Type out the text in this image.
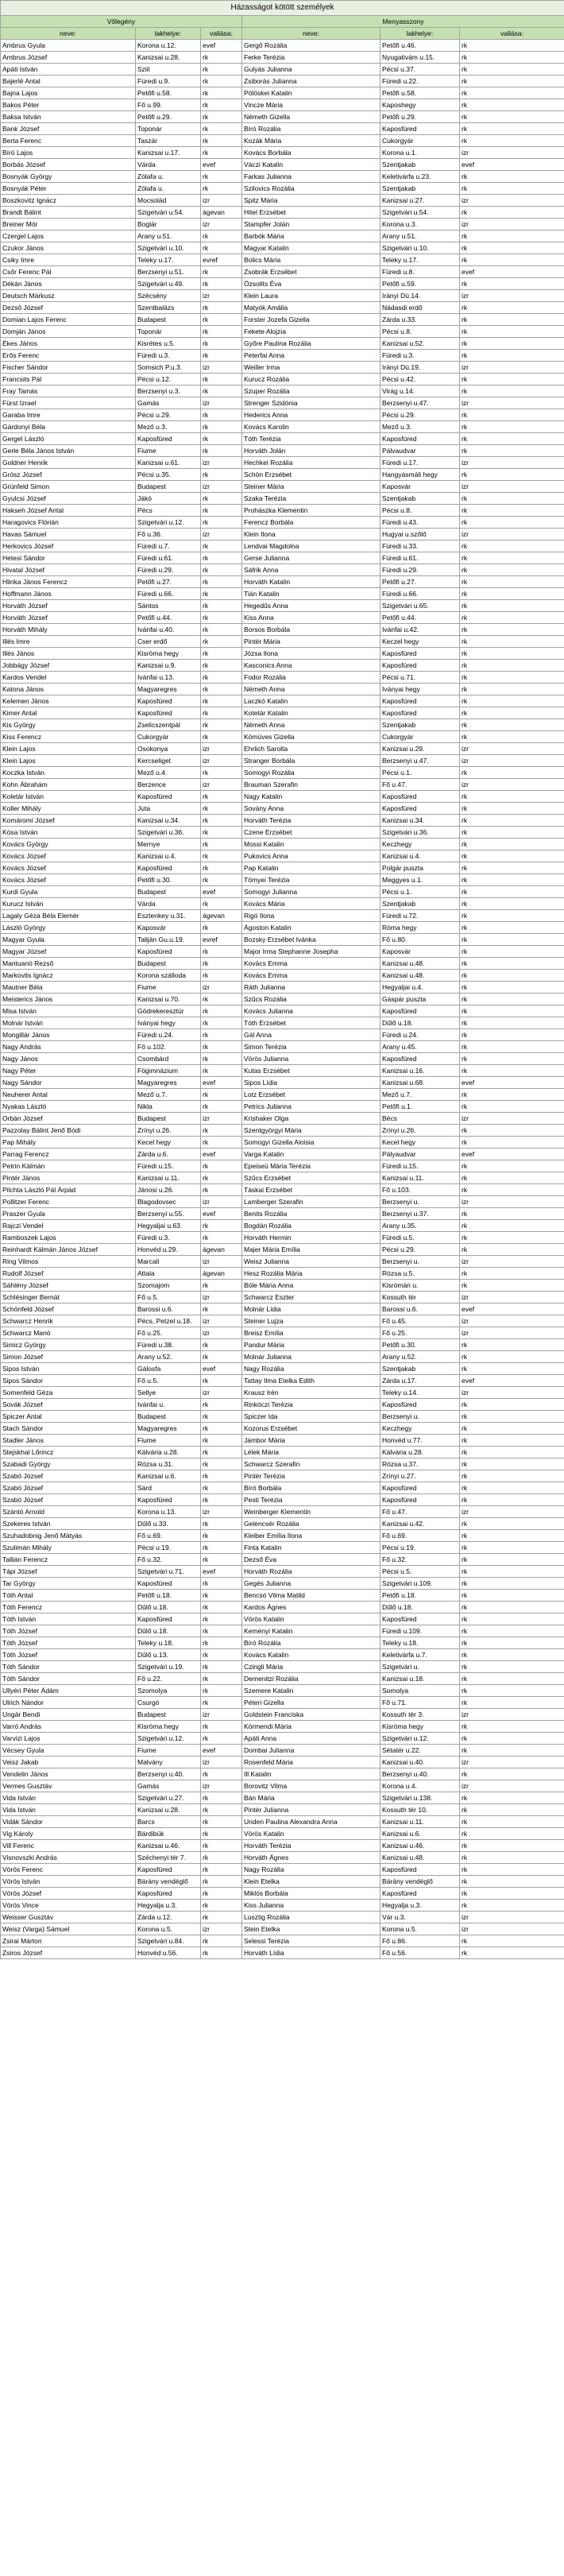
Házasságot kötött személyek					
Vőlegény			Menyasszony		
neve:	lakhelye:	vallása:	neve:	lakhelye:	vallása:
Ambrus Gyula	Korona u.12.	evef	Gergő Rozália	Petőfi u.46.	rk
Ambrus József	Kanizsai u.28.	rk	Ferke Terézia	Nyugativám u.15.	rk
Apáti István	Sziil	rk	Gulyás Julianna	Pécsi u.37.	rk
Bajerlé Antal	Füredi u.9.	rk	Zsiborás Julianna	Füredi u.22.	rk
Bajna Lajos	Petőfi u.58.	rk	Pölöskei Katalin	Petőfi u.58.	rk
Bakos Péter	Fő u.99.	rk	Vincze Mária	Kaposhegy	rk
Baksa István	Petőfi u.29.	rk	Németh Gizella	Petőfi u.29.	rk
Bank József	Toponár	rk	Bíró Rozália	Kaposfüred	rk
Berta Ferenc	Taszár	rk	Kozák Mária	Cukorgyár	rk
Bíró Lajos	Kanizsai u.17.	rk	Kovács Borbála	Korona u.1.	izr
Borbás József	Várda	evef	Váczi Katalin	Szentjakab	evef
Bosnyák György	Zólafa u.	rk	Farkas Julianna	Keletivárfa u.23.	rk
Bosnyák Péter	Zólafa u.	rk	Szilovics Rozália	Szentjakab	rk
Boszkovitz Ignácz	Mocsolád	izr	Spitz Mária	Kanizsai u.27.	izr
Brandt Bálint	Szigetvári u.54.	ágevan	Hitel Erzsébet	Szigetvári u.54.	rk
Breiner Mór	Boglár	izr	Stampfer Jolán	Korona u.3.	izr
Czergel Lajos	Arany u.51.	rk	Barbók Mária	Arany u.51.	rk
Czukor János	Szigetvári u.10.	rk	Magyar Katalin	Szigetvári u.10.	rk
Csiky Imre	Teleky u.17.	evref	Bolics Mária	Teleky u.17.	rk
Csőr Ferenc Pál	Berzsenyi u.51.	rk	Zsobrák Erzsébet	Füredi u.8.	evef
Dékán János	Szigetvári u.49.	rk	Özsolits Éva	Petőfi u.59.	rk
Deutsch Márkusz	Szécsény	izr	Klein Laura	Irányi Dü.14.	izr
Dezső József	Szentbalázs	rk	Matyók Amália	Nádasdi erdő	rk
Domian Lajos Ferenc	Budapest	rk	Forster Jozefa Gizella	Zárda u.33.	rk
Domján János	Toponár	rk	Fekete Alojzia	Pécsi u.8.	rk
Ékes János	Kisrétes u.5.	rk	Győre Paulina Rozália	Kanizsai u.52.	rk
Erős Ferenc	Füredi u.3.	rk	Peterfai Anna	Füredi u.3.	rk
Fischer Sándor	Somsich P.u.3.	izr	Weiller Irma	Irányi Dü.19.	izr
Francsits Pál	Pécsi u.12.	rk	Kurucz Rozália	Pécsi u.42.	rk
Fray Tamás	Berzsenyi u.3.	rk	Szuper Rozália	Virág u.14.	rk
Fürst Izrael	Gamás	izr	Strenger Szidónia	Berzsenyi u.47.	izr
Garaba Imre	Pécsi u.29.	rk	Hederics Anna	Pécsi u.29.	rk
Gárdonyi Béla	Mező u.3.	rk	Kovács Karolin	Mező u.3.	rk
Gergel László	Kaposfüred	rk	Tóth Terézia	Kaposfüred	rk
Gerle Béla János István	Fiume	rk	Horváth Jolán	Pálvaudvar	rk
Goldner Henrik	Kanizsai u.61.	izr	Hechkel Rozália	Füredi u.17.	izr
Grósz József	Pécsi u.35.	rk	Schön Erzsébet	Hangyásmáli hegy	rk
Grünfeld Simon	Budapest	izr	Steiner Mária	Kaposvár	izr
Gyulcsi József	Jákó	rk	Szaka Terézia	Szentjakab	rk
Hakseh József Antal	Pécs	rk	Prohászka Klementin	Pécsi u.8.	rk
Haragovics Flórián	Szigetvári u.12.	rk	Ferencz Borbála	Füredi u.43.	rk
Havas Sámuel	Fő u.36.	izr	Klein Ilona	Hugyai u.szőlő	izr
Herkovics József	Füredi u.7.	rk	Lendvai Magdolna	Füredi u.33.	rk
Hetesi Sándor	Füredi u.61.	rk	Gerse Julianna	Füredi u.61.	rk
Hivatal József	Füredi u.29.	rk	Sáfrik Anna	Füredi u.29.	rk
Hlinka János Ferencz	Petőfi u.27.	rk	Horváth Katalin	Petőfi u.27.	rk
Hoffmann János	Füredi u.66.	rk	Tián Katalin	Füredi u.66.	rk
Horváth József	Sántos	rk	Hegedűs Anna	Szigetvári u.65.	rk
Horváth József	Petőfi u.44.	rk	Kiss Anna	Petőfi u.44.	rk
Horváth Mihály	Ivánfai u.40.	rk	Borsos Borbála	Ivánfai u.42.	rk
Illés Imre	Cser erdő	rk	Pintér Mária	Keczel hegy	rk
Illés János	Kisróma hegy	rk	Józsa Ilona	Kaposfüred	rk
Jobbágy József	Kanizsai u.9.	rk	Kasconics Anna	Kaposfüred	rk
Kardos Vendel	Ivánfai u.13.	rk	Fodor Rozália	Pécsi u.71.	rk
Katona János	Magyaregres	rk	Németh Anna	Iványai hegy	rk
Kelemen János	Kaposfüred	rk	Laczkó Katalin	Kaposfüred	rk
Kimer Antal	Kaposfüred	rk	Kotetár Katalin	Kaposfüred	rk
Kis György	Zselicszentpál	rk	Németh Anna	Szentjakab	rk
Kiss Ferencz	Cukorgyár	rk	Kömüves Gizella	Cukorgyár	rk
Klein Lajos	Osokonya	izr	Ehrlich Sarolta	Kanizsai u.29.	izr
Klein Lajos	Kercseliget	izr	Stranger Borbála	Berzsenyi u.47.	izr
Koczka István	Mező u.4.	rk	Somogyi Rozália	Pécsi u.1.	rk
Kohn Ábrahám	Berzence	izr	Brauman Szerafin	Fő u.47.	izr
Koletár István	Kaposfüred	rk	Nagy Katalin	Kaposfüred	rk
Koller Mihály	Juta	rk	Sovány Anna	Kaposfüred	rk
Komáromi József	Kanizsai u.34.	rk	Horváth Terézia	Kanizsai u.34.	rk
Kósa István	Szigetvári u.36.	rk	Czene Erzsébet	Szigetvári u.36.	rk
Kovács György	Mernye	rk	Mossi Katalin	Keczhegy	rk
Kovács József	Kanizsai u.4.	rk	Pukovics Anna	Kanizsai u.4.	rk
Kovács József	Kaposfüred	rk	Pap Katalin	Polgár puszta	rk
Kovács József	Petőfi u.30.	rk	Tömyei Terézia	Meggyes u.1.	rk
Kurdi Gyula	Budapest	evef	Somogyi Julianna	Pécsi u.1.	rk
Kurucz István	Várda	rk	Kovács Mária	Szentjakab	rk
Lagaly Géza Béla Elemér	Esztenkey u.31.	ágevan	Rigó Ilona	Füredi u.72.	rk
László György	Kaposvár	rk	Ágoston Katalin	Róma hegy	rk
Magyar Gyula	Taliján Gu.u.19.	evref	Bozsky Erzsébet Ivánka	Fő u.80.	rk
Magyar József	Kaposfüred	rk	Major Irma Stephanne Josepha	Kaposvár	rk
Mantuanó Rezső	Budapest	rk	Kovács Emma	Kanizsai u.48.	rk
Markovits Ignácz	Korona szálloda	rk	Kovács Emma	Kanizsai u.48.	rk
Mautner Béla	Fiume	izr	Ráth Julianna	Hegyaljai u.4.	rk
Meisterics János	Kanizsai u.70.	rk	Szűcs Rozália	Gáspár puszta	rk
Misa István	Gödrekeresztúr	rk	Kovács Julianna	Kaposfüred	rk
Molnár István	Iványai hegy	rk	Tóth Erzsébet	Dűlő u.18.	rk
Mongillár János	Füredi u.24.	rk	Gál Anna	Füredi u.24.	rk
Nagy András	Fő u.102.	rk	Simon Terézia	Arany u.45.	rk
Nagy János	Csombárd	rk	Vörös Julianna	Kaposfüred	rk
Nagy Péter	Fögimnázium	rk	Kutas Erzsébet	Kanizsai u.16.	rk
Nagy Sándor	Magyaregres	evef	Sipos Lídia	Kanizsai u.68.	evef
Neuherer Antal	Mező u.7.	rk	Lotz Erzsébet	Mező u.7.	rk
Nyakas László	Nikla	rk	Petrics Julianna	Petőfi u.1.	rk
Orbán József	Budapest	izr	Krishaker Olga	Bécs	izr
Pazzolay Bálint Jenő Bódi	Zrínyi u.26.	rk	Szentgyörgyi Mária	Zrínyi u.26.	rk
Pap Mihály	Kecel hegy	rk	Somogyi Gizella Aloisia	Kecel hegy	rk
Parrag Ferencz	Zárda u.6.	evef	Varga Katalin	Pályaudvar	evef
Petrin Kálmán	Füredi u.15.	rk	Epeiseü Mária Terézia	Füredi u.15.	rk
Pintér János	Kanizsai u.11.	rk	Szűcs Erzsébet	Kanizsai u.11.	rk
Pilchta László Pál Árpád	Jánosi u.26.	rk	Táskai Erzsébet	Fő u.103.	rk
Pollitzer Ferenc	Blagodovsec	izr	Lamberger Szerafin	Berzsenyi u.	izr
Praszer Gyula	Berzsenyi u.55.	evef	Benits Rozália	Berzsenyi u.37.	rk
Rajczi Vendel	Hegyaljai u.63.	rk	Bogdán Rozália	Arany u.35.	rk
Ramboszek Lajos	Füredi u.3.	rk	Horváth Hermin	Füredi u.5.	rk
Reinhardt Kálmán János József	Honvéd u.29.	ágevan	Majer Mária Emília	Pécsi u.29.	rk
Ring Vilmos	Marcali	izr	Weisz Julianna	Berzsenyi u.	izr
Rudolf József	Attala	ágevan	Hesz Rozália Mária	Rózsa u.5.	rk
Sáhlény József	Szomajom	rk	Böle Mária Anna	Kisrómán u.	rk
Schlésinger Bernát	Fő u.5.	izr	Schwarcz Eszter	Kossuth tér	izr
Schönfeld József	Barossi u.6.	rk	Molnár Lídia	Barossi u.6.	evef
Schwarcz Henrik	Pécs, Petzel u.18.	izr	Steiner Lujza	Fő u.45.	izr
Schwarcz Manó	Fő u.25.	izr	Breisz Emília	Fő u.25.	izr
Simicz György	Füredi u.38.	rk	Pandur Mária	Petőfi u.30.	rk
Simon József	Arany u.52.	rk	Molnár Julianna	Arany u.52.	rk
Sipos István	Gálosfa	evef	Nagy Rozália	Szentjakab	rk
Sipos Sándor	Fő u.5.	rk	Tattay Ilma Etelka Edith	Zárda u.17.	evef
Somenfeld Géza	Sellye	izr	Krausz Irén	Teleky u.14.	izr
Sovák József	Ivánfai u.	rk	Rinkóczi Terézia	Kaposfüred	rk
Spiczer Antal	Budapest	rk	Spiczer Ida	Berzsenyi u.	rk
Stach Sándor	Magyaregres	rk	Kozorus Erzsébet	Keczhegy	rk
Stadler János	Fiume	rk	Jámbor Mária	Honvéd u.77.	rk
Stejskhal Lőrincz	Kálvária u.28.	rk	Lélek Mária	Kálvária u.28.	rk
Szabadi György	Rózsa u.31.	rk	Schwarcz Szerafin	Rózsa u.37.	rk
Szabó József	Kanizsai u.6.	rk	Pintér Terézia	Zrínyi u.27.	rk
Szabó József	Sárd	rk	Bíró Borbála	Kaposfüred	rk
Szabó József	Kaposfüred	rk	Pesti Terézia	Kaposfüred	rk
Szántó Arnold	Korona u.13.	izr	Weinberger Klementin	Fő u.47.	izr
Szekeres István	Dűlő u.33.	rk	Gelencsér Rozália	Kanizsai u.42.	rk
Szuhadobnig Jenő Mátyás	Fő u.69.	rk	Kleiber Emília Ilona	Fő u.69.	rk
Szulimán Mihály	Pécsi u.19.	rk	Finta Katalin	Pécsi u.19.	rk
Tallián Ferencz	Fő u.32.	rk	Dezső Éva	Fő u.32.	rk
Tápi József	Szigetvári u.71.	evef	Horváth Rozália	Pécsi u.5.	rk
Tar György	Kaposfüred	rk	Gegés Julianna	Szigetvári u.109.	rk
Tóth Antal	Petőfi u.18.	rk	Bencsó Vilma Matild	Petőfi u.18.	rk
Tóth Ferencz	Dűlő u.18.	rk	Kardos Ágnes	Dűlő u.18.	rk
Tóth István	Kaposfüred	rk	Vörös Katalin	Kaposfüred	rk
Tóth József	Dűlő u.18.	rk	Keményi Katalin	Füredi u.109.	rk
Tóth József	Teleky u.18.	rk	Bíró Rozália	Teleky u.18.	rk
Tóth József	Dűlő u.13.	rk	Kovács Katalin	Keletivárfa u.7.	rk
Tóth Sándor	Szigetvári u.19.	rk	Czingli Mária	Szigetvári u.	rk
Tóth Sándor	Fő u.22.	rk	Demenitzi Rozália	Kanizsai u.18.	rk
Ullyéri Péter Ádám	Szomolya	rk	Szemere Katalin	Somolya	rk
Ulrich Nándor	Csurgó	rk	Péteri Gizella	Fő u.71.	rk
Ungár Bendi	Budapest	izr	Goldstein Franciska	Kossuth tér 3.	izr
Varró András	Kisróma hegy	rk	Körmendi Mária	Kisróma hegy	rk
Varvizi Lajos	Szigetvári u.12.	rk	Apáti Anna	Szigetvári u.12.	rk
Vécsey Gyula	Fiume	evef	Dombai Julianna	Sétatér u.22.	rk
Veisz Jakab	Malvány	izr	Rosenfeld Mária	Kanizsai u.40.	izr
Vendelin János	Berzsenyi u.40.	rk	Ill Katalin	Berzsenyi u.40.	rk
Vermes Gusztáv	Gamás	izr	Borovitz Vilma	Korona u.4.	izr
Vida István	Szigetvári u.27.	rk	Bán Mária	Szigetvári u.138.	rk
Vida István	Kanizsai u.28.	rk	Pintér Julianna	Kossuth tér 10.	rk
Vidák Sándor	Barcs	rk	Unden Paulina Alexandra Anna	Kanizsai u.11.	rk
Vig Károly	Bárdibük	rk	Vörös Katalin	Kanizsai u.6.	rk
Vill Ferenc	Kanizsai u.46.	rk	Horváth Terézia	Kanizsai u.46.	rk
Visnovszki András	Széchenyi tér 7.	rk	Horváth Ágnes	Kanizsai u.48.	rk
Vörös Ferenc	Kaposfüred	rk	Nagy Rozália	Kaposfüred	rk
Vörös István	Bárány vendéglő	rk	Klein Etelka	Bárány vendéglő	rk
Vörös József	Kaposfüred	rk	Miklós Borbála	Kaposfüred	rk
Vörös Vince	Hegyalja u.3.	rk	Kiss Julianna	Hegyalja u.3.	rk
Weisser Gusztáv	Zárda u.12.	rk	Lusztig Rozália	Vár u.3.	izr
Weisz (Varga) Sámuel	Korona u.5.	izr	Stein Etelka	Korona u.5.	izr
Zsirai Márton	Szigetvári u.84.	rk	Selessi Terézia	Fő u.86.	rk
Zsiros József	Honvéd u.56.	rk	Horváth Lídia	Fő u.56.	rk
